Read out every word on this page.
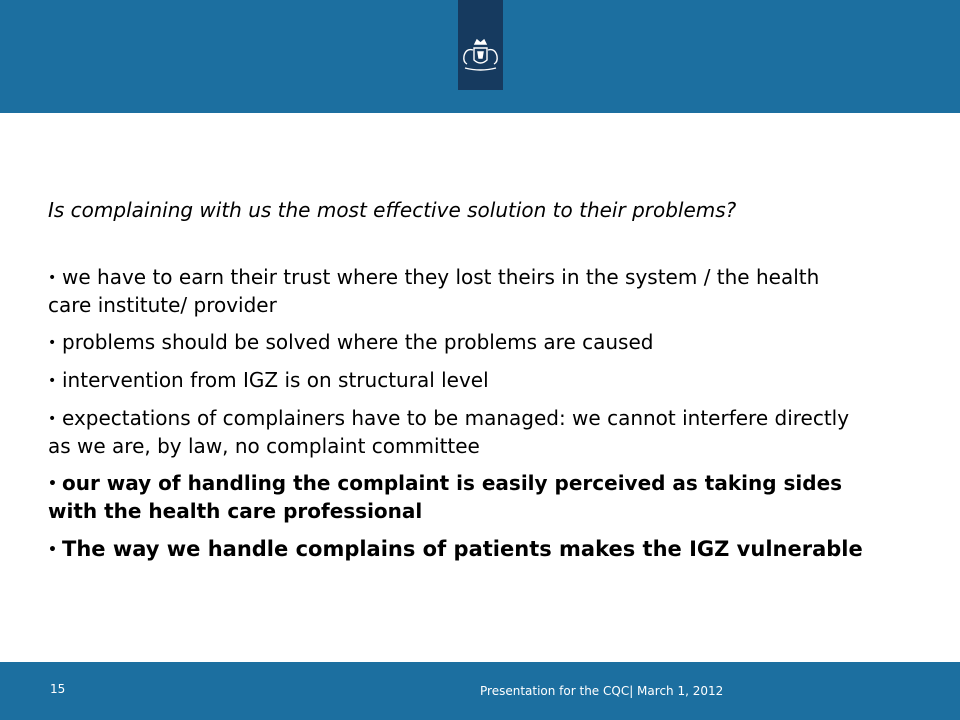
Is complaining with us the most effective solution to their problems?

• we have to earn their trust where they lost theirs in the system / the health care institute/ provider
• problems should be solved where the problems are caused
• intervention from IGZ is on structural level
• expectations of complainers have to be managed: we cannot interfere directly as we are, by law, no complaint committee
• our way of handling the complaint is easily perceived as taking sides with the health care professional
• The way we handle complains of patients makes the IGZ vulnerable
15	Presentation for the CQC| March 1, 2012
